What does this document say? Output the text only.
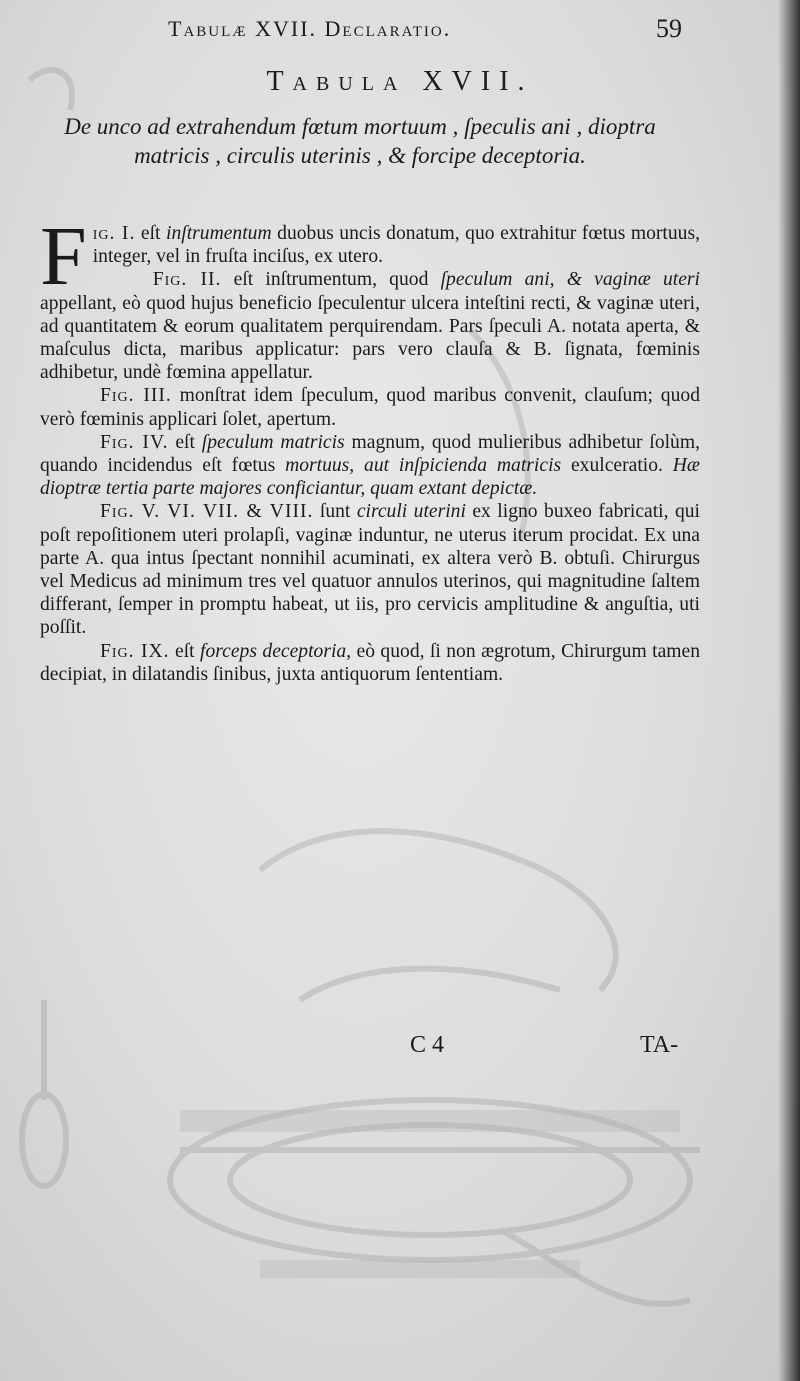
Tabulæ XVII. Declaratio.	59
Tabula XVII.
De unco ad extrahendum fœtum mortuum , ſpeculis ani , dioptra matricis , circulis uterinis , & forcipe deceptoria.

Fig. I. eſt inſtrumentum duobus uncis donatum, quo extrahitur fœtus mortuus, integer, vel in fruſta inciſus, ex utero.

Fig. II. eſt inſtrumentum, quod ſpeculum ani, & vaginæ uteri appellant, eò quod hujus beneficio ſpeculentur ulcera inteſtini recti, & vaginæ uteri, ad quantitatem & eorum qualitatem perquirendam. Pars ſpeculi A. notata aperta, & maſculus dicta, maribus applicatur: pars vero clauſa & B. ſignata, fœminis adhibetur, undè fœmina appellatur.

Fig. III. monſtrat idem ſpeculum, quod maribus convenit, clauſum; quod verò fœminis applicari ſolet, apertum.

Fig. IV. eſt ſpeculum matricis magnum, quod mulieribus adhibetur ſolùm, quando incidendus eſt fœtus mortuus, aut inſpicienda matricis exulceratio. Hæ dioptræ tertia parte majores conficiantur, quam extant depictæ.

Fig. V. VI. VII. & VIII. ſunt circuli uterini ex ligno buxeo fabricati, qui poſt repoſitionem uteri prolapſi, vaginæ induntur, ne uterus iterum procidat. Ex una parte A. qua intus ſpectant nonnihil acuminati, ex altera verò B. obtuſi. Chirurgus vel Medicus ad minimum tres vel quatuor annulos uterinos, qui magnitudine ſaltem differant, ſemper in promptu habeat, ut iis, pro cervicis amplitudine & anguſtia, uti poſſit.

Fig. IX. eſt forceps deceptoria, eò quod, ſi non ægrotum, Chirurgum tamen decipiat, in dilatandis ſinibus, juxta antiquorum ſententiam.

C 4	TA-
